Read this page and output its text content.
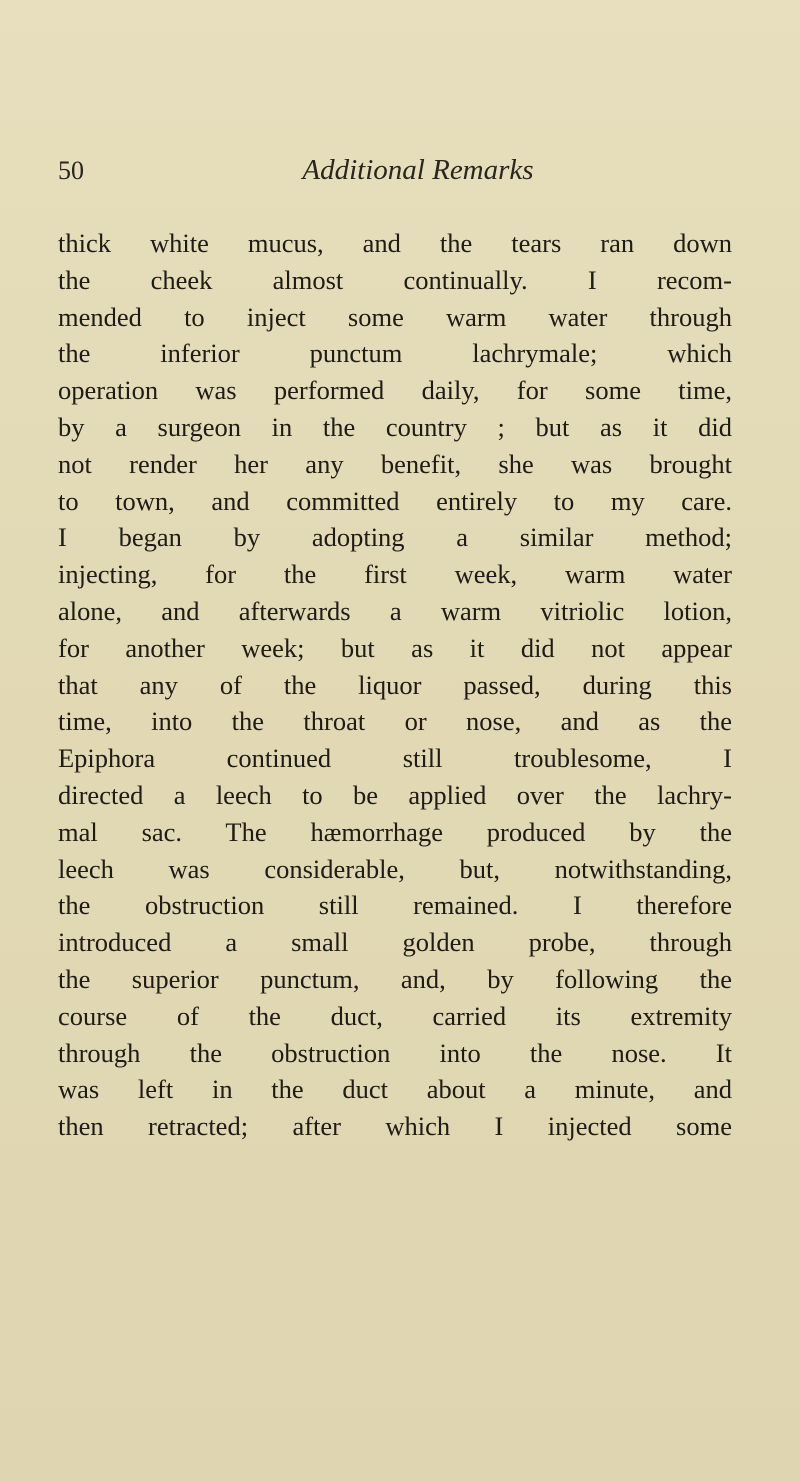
50	Additional Remarks
thick white mucus, and the tears ran down
the cheek almost continually. I recom-
mended to inject some warm water through
the inferior punctum lachrymale; which
operation was performed daily, for some time,
by a surgeon in the country ; but as it did
not render her any benefit, she was brought
to town, and committed entirely to my care.
I began by adopting a similar method;
injecting, for the first week, warm water
alone, and afterwards a warm vitriolic lotion,
for another week; but as it did not appear
that any of the liquor passed, during this
time, into the throat or nose, and as the
Epiphora continued still troublesome, I
directed a leech to be applied over the lachry-
mal sac. The hæmorrhage produced by the
leech was considerable, but, notwithstanding,
the obstruction still remained. I therefore
introduced a small golden probe, through
the superior punctum, and, by following the
course of the duct, carried its extremity
through the obstruction into the nose. It
was left in the duct about a minute, and
then retracted; after which I injected some
